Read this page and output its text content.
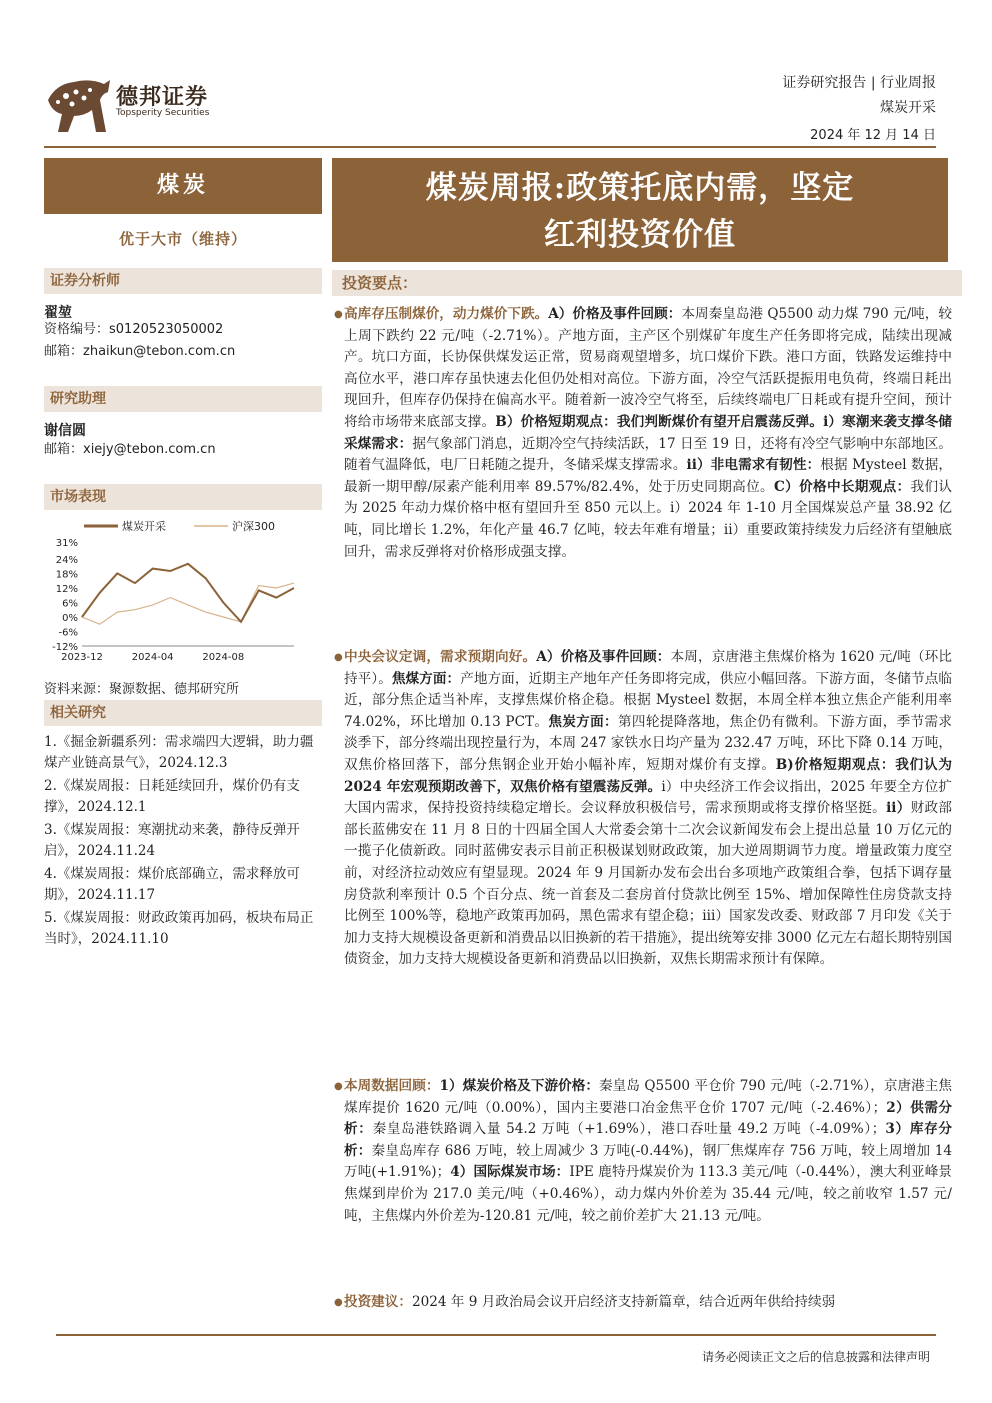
德邦证券
Topsperity Securities
证券研究报告 | 行业周报
煤炭开采
2024 年 12 月 14 日
煤炭
优于大市（维持）
证券分析师
翟堃
资格编号：s0120523050002
邮箱：zhaikun@tebon.com.cn
研究助理
谢信圆
邮箱：xiejy@tebon.com.cn
市场表现
煤炭开采	沪深300
31%
24%
18%
12%
6%
0%
-6%
-12%
2023-12	2024-04	2024-08
资料来源：聚源数据、德邦研究所
相关研究
1.《掘金新疆系列：需求端四大逻辑，助力疆煤产业链高景气》，2024.12.3
2.《煤炭周报：日耗延续回升，煤价仍有支撑》，2024.12.1
3.《煤炭周报：寒潮扰动来袭，静待反弹开启》，2024.11.24
4.《煤炭周报：煤价底部确立，需求释放可期》，2024.11.17
5.《煤炭周报：财政政策再加码，板块布局正当时》，2024.11.10
煤炭周报:政策托底内需，坚定
红利投资价值
投资要点：
● 高库存压制煤价，动力煤价下跌。A）价格及事件回顾：本周秦皇岛港 Q5500 动力煤 790 元/吨，较上周下跌约 22 元/吨（-2.71%）。产地方面，主产区个别煤矿年度生产任务即将完成，陆续出现减产。坑口方面，长协保供煤发运正常，贸易商观望增多，坑口煤价下跌。港口方面，铁路发运维持中高位水平，港口库存虽快速去化但仍处相对高位。下游方面，冷空气活跃提振用电负荷，终端日耗出现回升，但库存仍保持在偏高水平。随着新一波冷空气将至，后续终端电厂日耗或有提升空间，预计将给市场带来底部支撑。B）价格短期观点：我们判断煤价有望开启震荡反弹。i）寒潮来袭支撑冬储采煤需求：据气象部门消息，近期冷空气持续活跃，17 日至 19 日，还将有冷空气影响中东部地区。随着气温降低，电厂日耗随之提升，冬储采煤支撑需求。ii）非电需求有韧性：根据 Mysteel 数据，最新一期甲醇/尿素产能利用率 89.57%/82.4%，处于历史同期高位。C）价格中长期观点：我们认为 2025 年动力煤价格中枢有望回升至 850 元以上。i）2024 年 1-10 月全国煤炭总产量 38.92 亿吨，同比增长 1.2%，年化产量 46.7 亿吨，较去年难有增量；ii）重要政策持续发力后经济有望触底回升，需求反弹将对价格形成强支撑。
● 中央会议定调，需求预期向好。A）价格及事件回顾：本周，京唐港主焦煤价格为 1620 元/吨（环比持平）。焦煤方面：产地方面，近期主产地年产任务即将完成，供应小幅回落。下游方面，冬储节点临近，部分焦企适当补库，支撑焦煤价格企稳。根据 Mysteel 数据，本周全样本独立焦企产能利用率 74.02%，环比增加 0.13 PCT。焦炭方面：第四轮提降落地，焦企仍有微利。下游方面，季节需求淡季下，部分终端出现控量行为，本周 247 家铁水日均产量为 232.47 万吨，环比下降 0.14 万吨，双焦价格回落下，部分焦钢企业开始小幅补库，短期对煤价有支撑。B)价格短期观点：我们认为 2024 年宏观预期改善下，双焦价格有望震荡反弹。i）中央经济工作会议指出，2025 年要全方位扩大国内需求，保持投资持续稳定增长。会议释放积极信号，需求预期或将支撑价格坚挺。ii）财政部部长蓝佛安在 11 月 8 日的十四届全国人大常委会第十二次会议新闻发布会上提出总量 10 万亿元的一揽子化债新政。同时蓝佛安表示目前正积极谋划财政政策，加大逆周期调节力度。增量政策力度空前，对经济拉动效应有望显现。2024 年 9 月国新办发布会出台多项地产政策组合拳，包括下调存量房贷款利率预计 0.5 个百分点、统一首套及二套房首付贷款比例至 15%、增加保障性住房贷款支持比例至 100%等，稳地产政策再加码，黑色需求有望企稳；iii）国家发改委、财政部 7 月印发《关于加力支持大规模设备更新和消费品以旧换新的若干措施》，提出统筹安排 3000 亿元左右超长期特别国债资金，加力支持大规模设备更新和消费品以旧换新，双焦长期需求预计有保障。
● 本周数据回顾：1）煤炭价格及下游价格：秦皇岛 Q5500 平仓价 790 元/吨（-2.71%），京唐港主焦煤库提价 1620 元/吨（0.00%），国内主要港口冶金焦平仓价 1707 元/吨（-2.46%）；2）供需分析：秦皇岛港铁路调入量 54.2 万吨（+1.69%），港口吞吐量 49.2 万吨（-4.09%）；3）库存分析：秦皇岛库存 686 万吨，较上周减少 3 万吨(-0.44%)，钢厂焦煤库存 756 万吨，较上周增加 14 万吨(+1.91%)；4）国际煤炭市场：IPE 鹿特丹煤炭价为 113.3 美元/吨（-0.44%），澳大利亚峰景焦煤到岸价为 217.0 美元/吨（+0.46%），动力煤内外价差为 35.44 元/吨，较之前收窄 1.57 元/吨，主焦煤内外价差为-120.81 元/吨，较之前价差扩大 21.13 元/吨。
● 投资建议：2024 年 9 月政治局会议开启经济支持新篇章，结合近两年供给持续弱
请务必阅读正文之后的信息披露和法律声明
